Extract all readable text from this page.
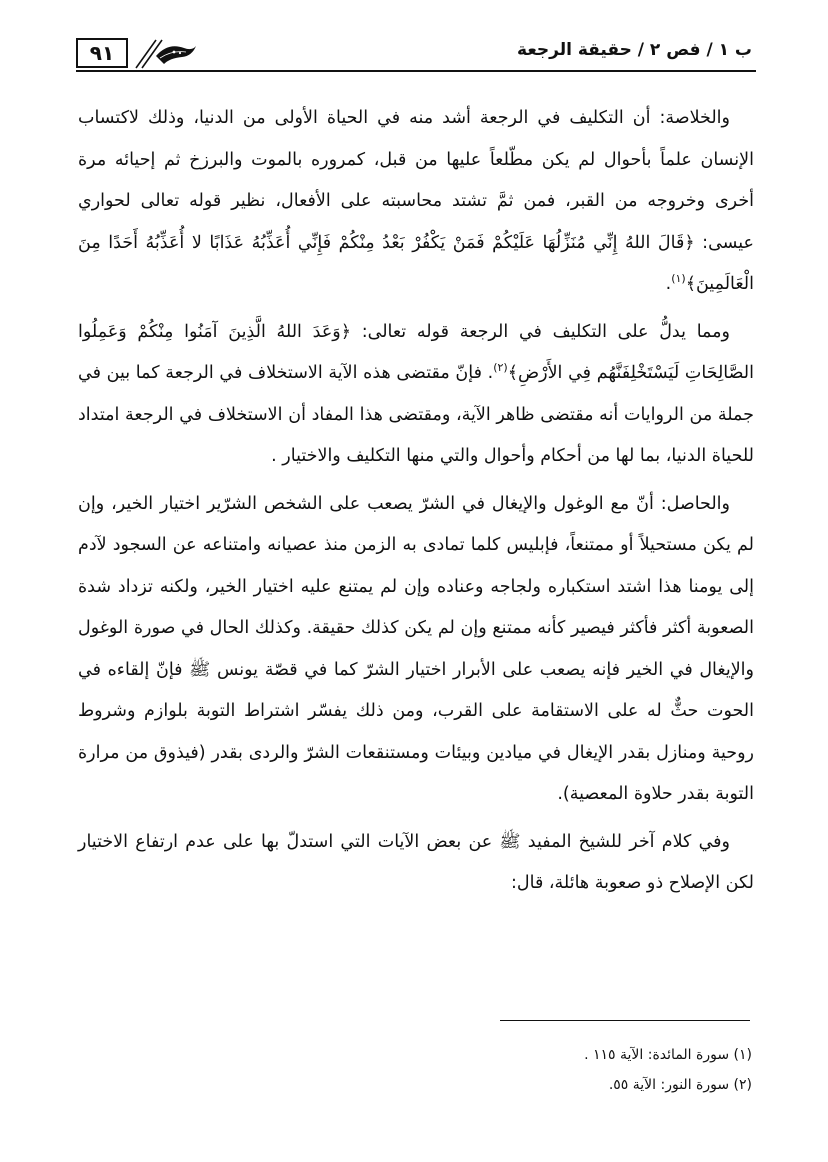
٩١	ب ١ / فص ٢ / حقيقة الرجعة

والخلاصة: أن التكليف في الرجعة أشد منه في الحياة الأولى من الدنيا، وذلك لاكتساب الإنسان علماً بأحوال لم يكن مطّلعاً عليها من قبل، كمروره بالموت والبرزخ ثم إحيائه مرة أخرى وخروجه من القبر، فمن ثمَّ تشتد محاسبته على الأفعال، نظير قوله تعالى لحواري عيسى: ﴿قَالَ اللهُ إِنِّي مُنَزِّلُهَا عَلَيْكُمْ فَمَنْ يَكْفُرْ بَعْدُ مِنْكُمْ فَإِنِّي أُعَذِّبُهُ عَذَابًا لا أُعَذِّبُهُ أَحَدًا مِنَ الْعَالَمِينَ﴾$^{(١)}$.

ومما يدلُّ على التكليف في الرجعة قوله تعالى: ﴿وَعَدَ اللهُ الَّذِينَ آمَنُوا مِنْكُمْ وَعَمِلُوا الصَّالِحَاتِ لَيَسْتَخْلِفَنَّهُم فِي الأَرْضِ﴾$^{(٢)}$. فإنّ مقتضى هذه الآية الاستخلاف في الرجعة كما بين في جملة من الروايات أنه مقتضى ظاهر الآية، ومقتضى هذا المفاد أن الاستخلاف في الرجعة امتداد للحياة الدنيا، بما لها من أحكام وأحوال والتي منها التكليف والاختيار .

والحاصل: أنّ مع الوغول والإيغال في الشرّ يصعب على الشخص الشرّير اختيار الخير، وإن لم يكن مستحيلاً أو ممتنعاً، فإبليس كلما تمادى به الزمن منذ عصيانه وامتناعه عن السجود لآدم إلى يومنا هذا اشتد استكباره ولجاجه وعناده وإن لم يمتنع عليه اختيار الخير، ولكنه تزداد شدة الصعوبة أكثر فأكثر فيصير كأنه ممتنع وإن لم يكن كذلك حقيقة. وكذلك الحال في صورة الوغول والإيغال في الخير فإنه يصعب على الأبرار اختيار الشرّ كما في قصّة يونس ﷺ فإنّ إلقاءه في الحوت حثٌّ له على الاستقامة على القرب، ومن ذلك يفسّر اشتراط التوبة بلوازم وشروط روحية ومنازل بقدر الإيغال في ميادين وبيئات ومستنقعات الشرّ والردى بقدر (فيذوق من مرارة التوبة بقدر حلاوة المعصية).

وفي كلام آخر للشيخ المفيد ﷺ عن بعض الآيات التي استدلّ بها على عدم ارتفاع الاختيار لكن الإصلاح ذو صعوبة هائلة، قال:

(١) سورة المائدة: الآية ١١٥ .
(٢) سورة النور: الآية ٥٥.
